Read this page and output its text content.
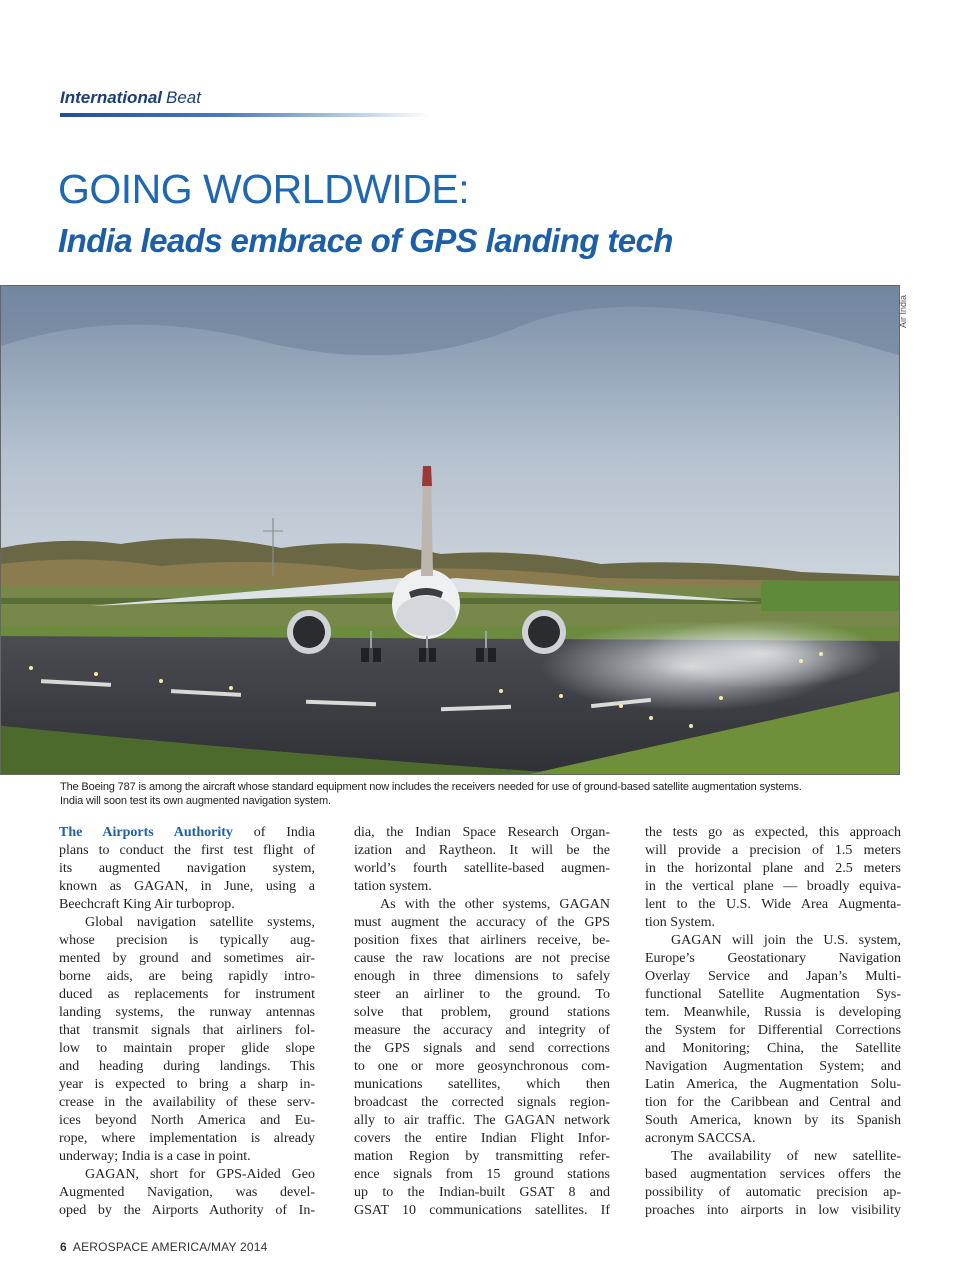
International Beat
GOING WORLDWIDE:
India leads embrace of GPS landing tech
Air India
The Boeing 787 is among the aircraft whose standard equipment now includes the receivers needed for use of ground-based satellite augmentation systems.
India will soon test its own augmented navigation system.
The Airports Authority of India
plans to conduct the first test flight of
its augmented navigation system,
known as GAGAN, in June, using a
Beechcraft King Air turboprop.
Global navigation satellite systems,
whose precision is typically aug-
mented by ground and sometimes air-
borne aids, are being rapidly intro-
duced as replacements for instrument
landing systems, the runway antennas
that transmit signals that airliners fol-
low to maintain proper glide slope
and heading during landings. This
year is expected to bring a sharp in-
crease in the availability of these serv-
ices beyond North America and Eu-
rope, where implementation is already
underway; India is a case in point.
GAGAN, short for GPS-Aided Geo
Augmented Navigation, was devel-
oped by the Airports Authority of In-
dia, the Indian Space Research Organ-
ization and Raytheon. It will be the
world’s fourth satellite-based augmen-
tation system.
As with the other systems, GAGAN
must augment the accuracy of the GPS
position fixes that airliners receive, be-
cause the raw locations are not precise
enough in three dimensions to safely
steer an airliner to the ground. To
solve that problem, ground stations
measure the accuracy and integrity of
the GPS signals and send corrections
to one or more geosynchronous com-
munications satellites, which then
broadcast the corrected signals region-
ally to air traffic. The GAGAN network
covers the entire Indian Flight Infor-
mation Region by transmitting refer-
ence signals from 15 ground stations
up to the Indian-built GSAT 8 and
GSAT 10 communications satellites. If
the tests go as expected, this approach
will provide a precision of 1.5 meters
in the horizontal plane and 2.5 meters
in the vertical plane — broadly equiva-
lent to the U.S. Wide Area Augmenta-
tion System.
GAGAN will join the U.S. system,
Europe’s Geostationary Navigation
Overlay Service and Japan’s Multi-
functional Satellite Augmentation Sys-
tem. Meanwhile, Russia is developing
the System for Differential Corrections
and Monitoring; China, the Satellite
Navigation Augmentation System; and
Latin America, the Augmentation Solu-
tion for the Caribbean and Central and
South America, known by its Spanish
acronym SACCSA.
The availability of new satellite-
based augmentation services offers the
possibility of automatic precision ap-
proaches into airports in low visibility
6 AEROSPACE AMERICA/MAY 2014
